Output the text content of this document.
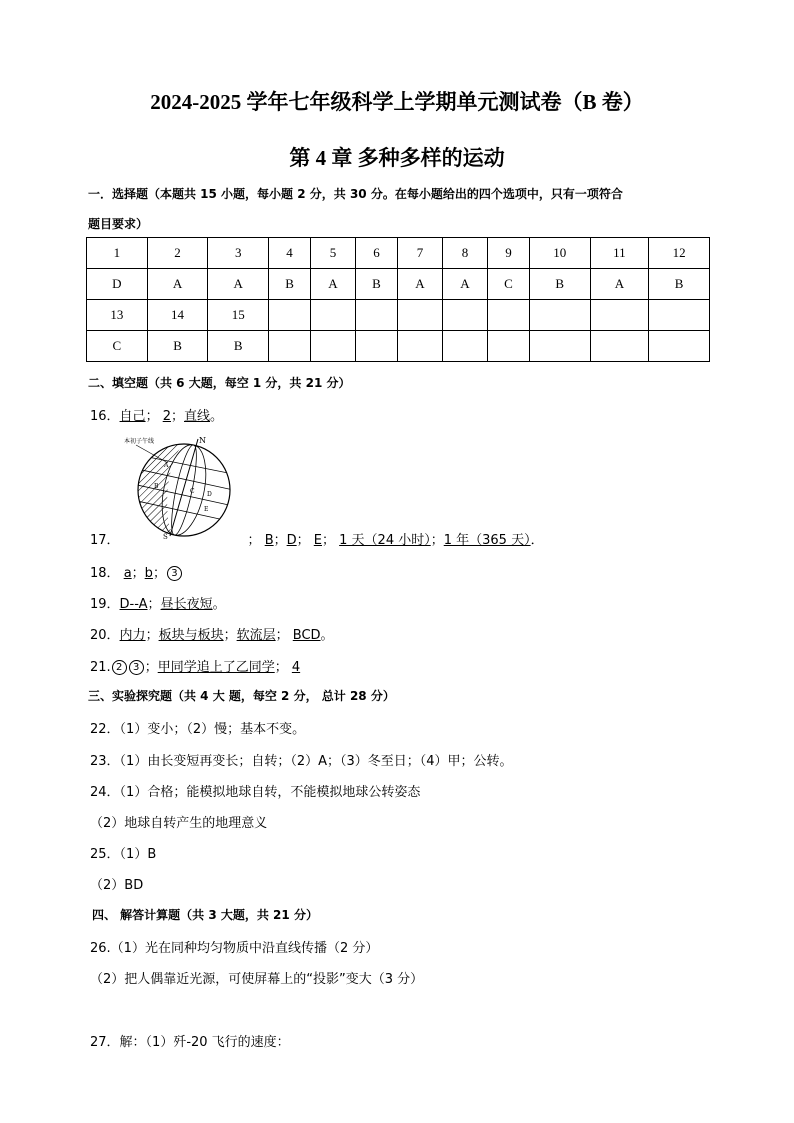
2024-2025 学年七年级科学上学期单元测试卷（B 卷）
第 4 章 多种多样的运动
一．选择题（本题共 15 小题，每小题 2 分，共 30 分。在每小题给出的四个选项中，只有一项符合
题目要求）
1	2	3	4	5	6	7	8	9	10	11	12
D	A	A	B	A	B	A	A	C	B	A	B
13	14	15									
C	B	B									
二、填空题（共 6 大题，每空 1 分，共 21 分）
16．自己； 2；直线。
本初子午线	N
S
A
B
C D
E
17．	； B；D； E； 1 天（24 小时）；1 年（365 天）．
18． a；b； 3
19．D--A；昼长夜短。
20．内力；板块与板块；软流层； BCD。
21. 2 3 ；甲同学追上了乙同学； 4
三、实验探究题（共 4 大 题，每空 2 分， 总计 28 分）
22．（1）变小；（2）慢；基本不变。
23．（1）由长变短再变长；自转；（2）A；（3）冬至日；（4）甲；公转。
24．（1）合格；能模拟地球自转，不能模拟地球公转姿态
（2）地球自转产生的地理意义
25．（1）B
（2）BD
四、 解答计算题（共 3 大题，共 21 分）
26.（1）光在同种均匀物质中沿直线传播（2 分）
（2）把人偶靠近光源，可使屏幕上的“投影”变大（3 分）
27．解：（1）歼-20 飞行的速度：
